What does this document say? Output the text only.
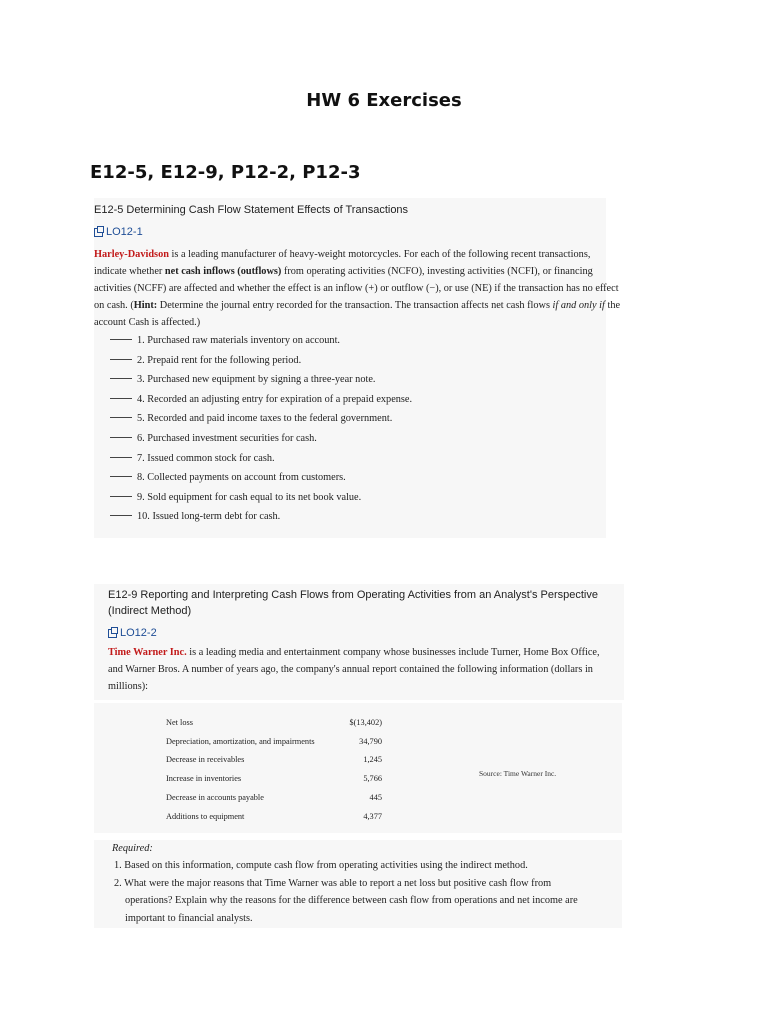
HW 6 Exercises
E12-5, E12-9, P12-2, P12-3
E12-5 Determining Cash Flow Statement Effects of Transactions
LO12-1
Harley-Davidson is a leading manufacturer of heavy-weight motorcycles. For each of the following recent transactions, indicate whether net cash inflows (outflows) from operating activities (NCFO), investing activities (NCFI), or financing activities (NCFF) are affected and whether the effect is an inflow (+) or outflow (−), or use (NE) if the transaction has no effect on cash. (Hint: Determine the journal entry recorded for the transaction. The transaction affects net cash flows if and only if the account Cash is affected.)
1. Purchased raw materials inventory on account.
2. Prepaid rent for the following period.
3. Purchased new equipment by signing a three-year note.
4. Recorded an adjusting entry for expiration of a prepaid expense.
5. Recorded and paid income taxes to the federal government.
6. Purchased investment securities for cash.
7. Issued common stock for cash.
8. Collected payments on account from customers.
9. Sold equipment for cash equal to its net book value.
10. Issued long-term debt for cash.
E12-9 Reporting and Interpreting Cash Flows from Operating Activities from an Analyst's Perspective
(Indirect Method)
LO12-2
Time Warner Inc. is a leading media and entertainment company whose businesses include Turner, Home Box Office, and Warner Bros. A number of years ago, the company's annual report contained the following information (dollars in millions):
Net loss	$(13,402)
Depreciation, amortization, and impairments	34,790
Decrease in receivables	1,245
Increase in inventories	5,766
Decrease in accounts payable	445
Additions to equipment	4,377
Source: Time Warner Inc.
Required:
1. Based on this information, compute cash flow from operating activities using the indirect method.
2. What were the major reasons that Time Warner was able to report a net loss but positive cash flow from
operations? Explain why the reasons for the difference between cash flow from operations and net income are
important to financial analysts.
